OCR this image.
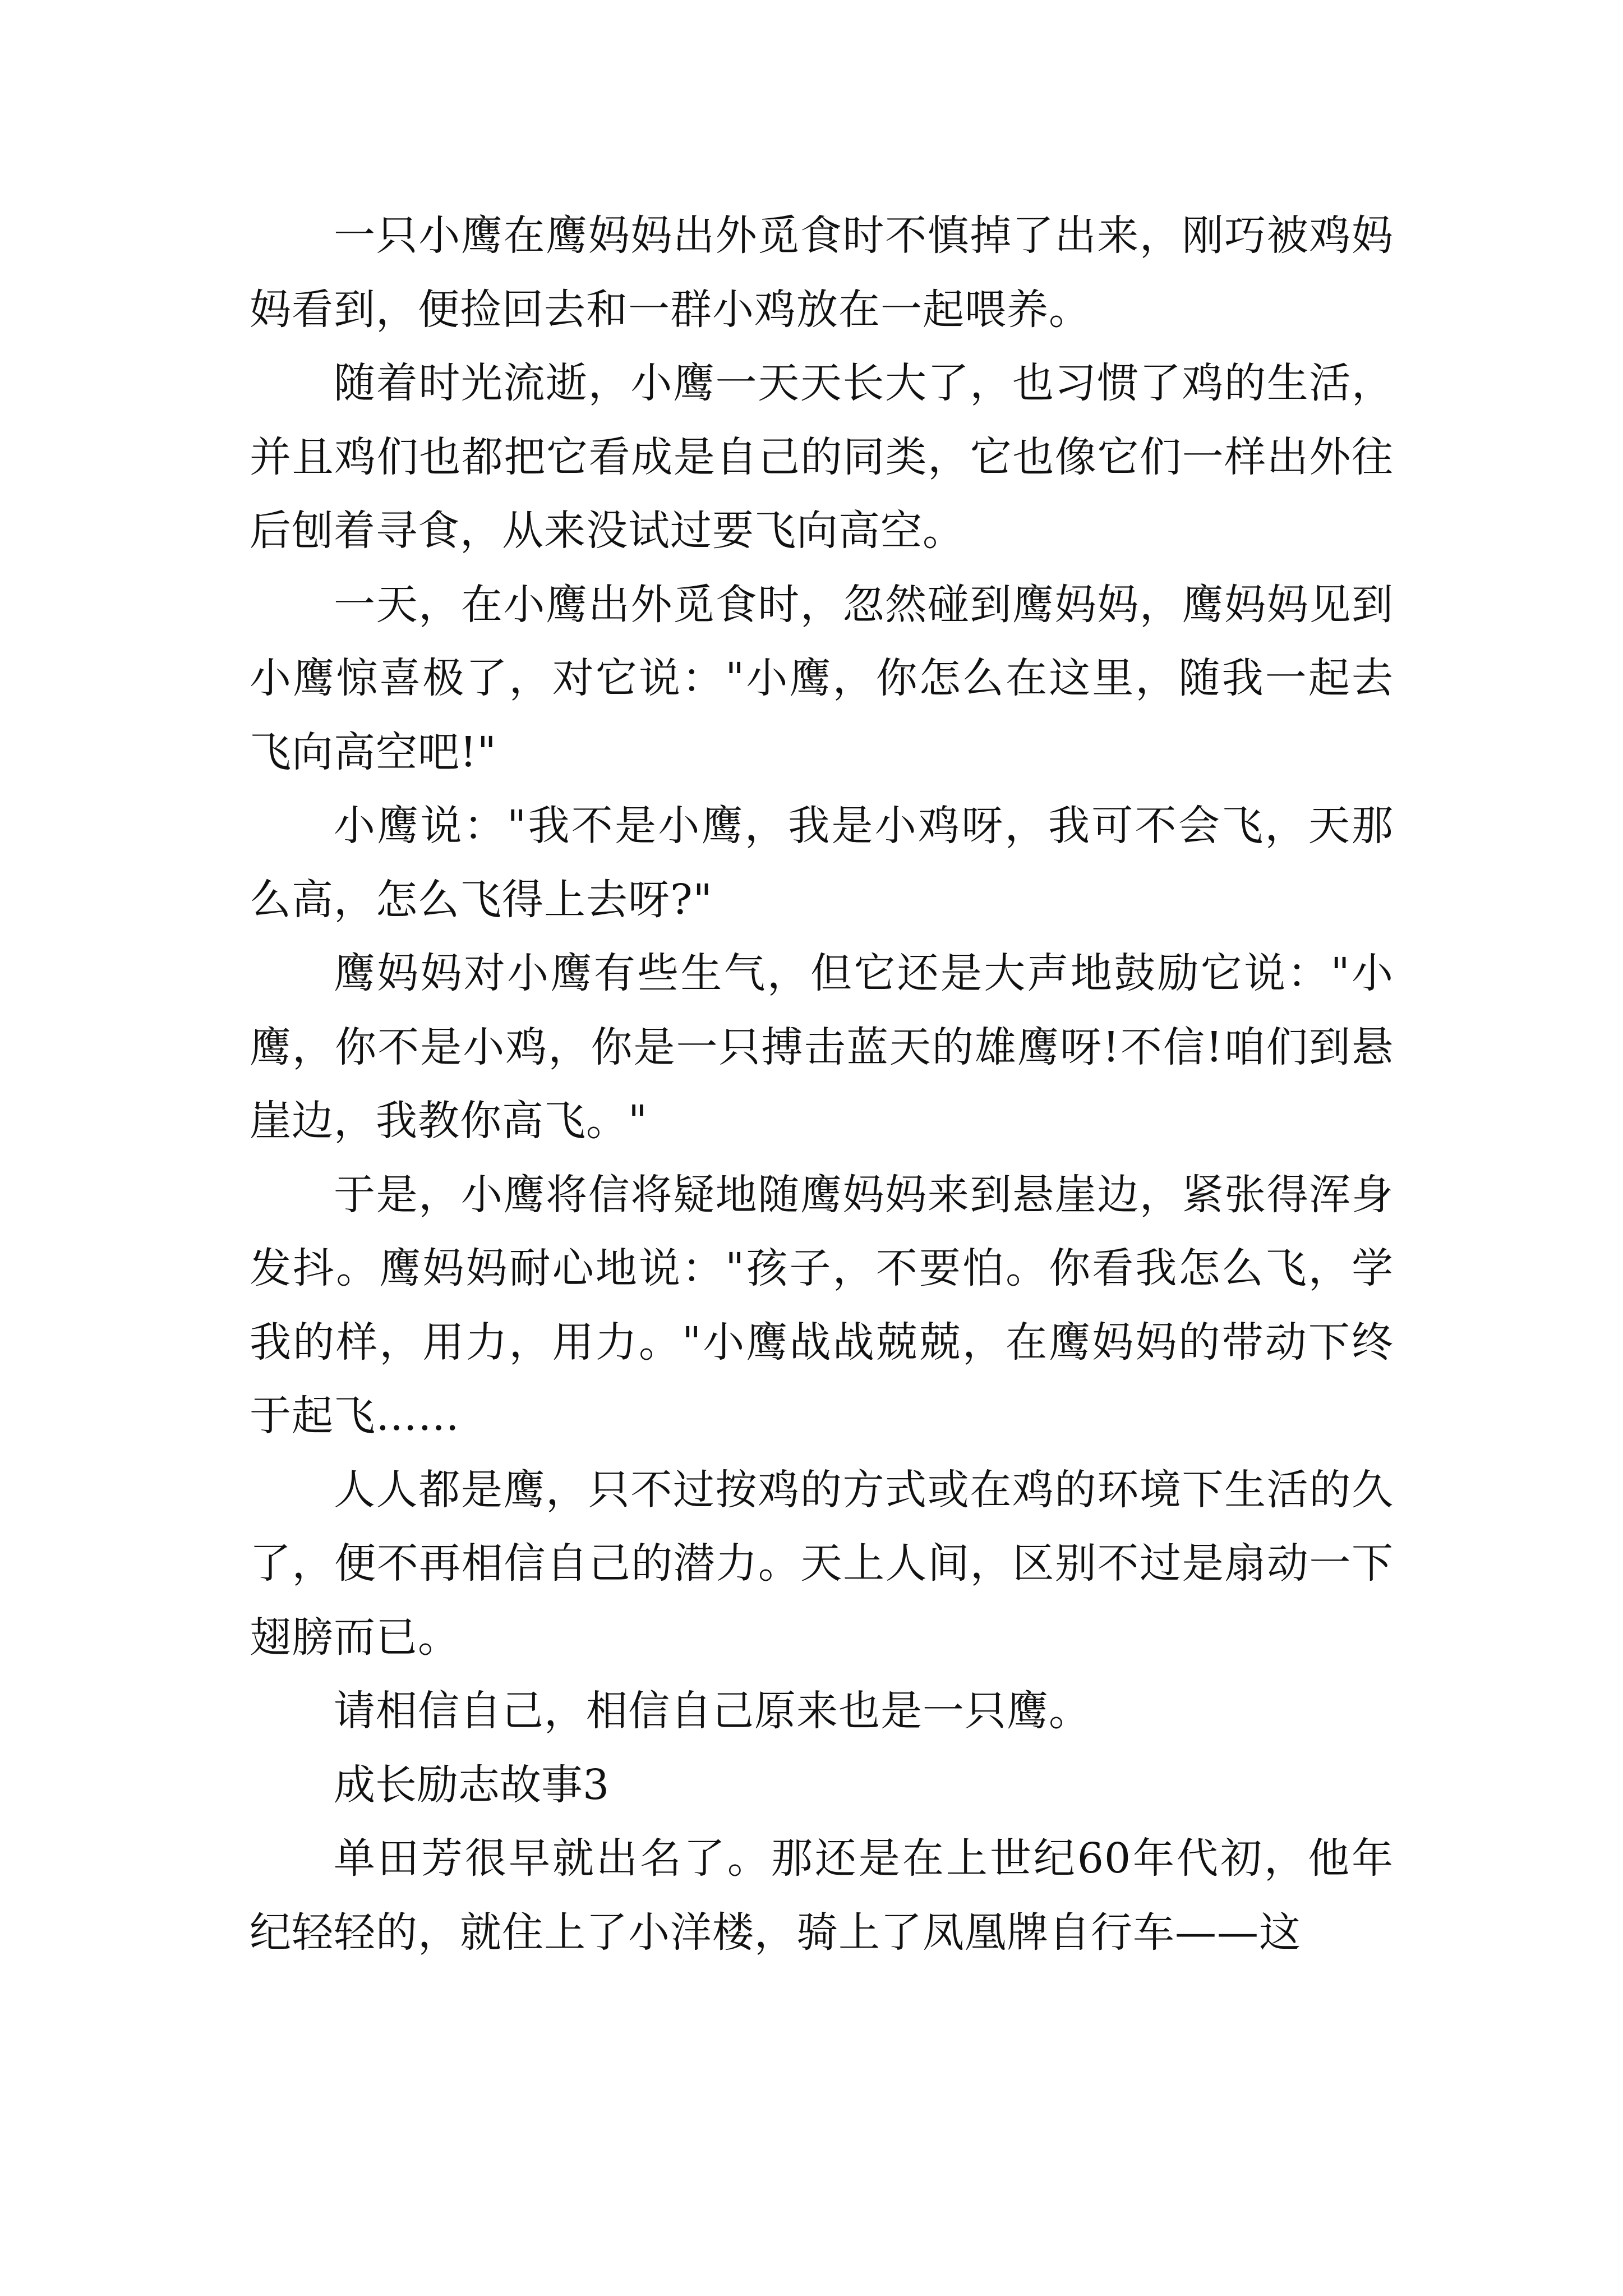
一只小鹰在鹰妈妈出外觅食时不慎掉了出来，刚巧被鸡妈妈看到，便捡回去和一群小鸡放在一起喂养。

随着时光流逝，小鹰一天天长大了，也习惯了鸡的生活，并且鸡们也都把它看成是自己的同类，它也像它们一样出外往后刨着寻食，从来没试过要飞向高空。

一天，在小鹰出外觅食时，忽然碰到鹰妈妈，鹰妈妈见到小鹰惊喜极了，对它说："小鹰，你怎么在这里，随我一起去飞向高空吧!"

小鹰说："我不是小鹰，我是小鸡呀，我可不会飞，天那么高，怎么飞得上去呀?"

鹰妈妈对小鹰有些生气，但它还是大声地鼓励它说："小鹰，你不是小鸡，你是一只搏击蓝天的雄鹰呀!不信!咱们到悬崖边，我教你高飞。"

于是，小鹰将信将疑地随鹰妈妈来到悬崖边，紧张得浑身发抖。鹰妈妈耐心地说："孩子，不要怕。你看我怎么飞，学我的样，用力，用力。"小鹰战战兢兢，在鹰妈妈的带动下终于起飞……

人人都是鹰，只不过按鸡的方式或在鸡的环境下生活的久了，便不再相信自己的潜力。天上人间，区别不过是扇动一下翅膀而已。

请相信自己，相信自己原来也是一只鹰。

成长励志故事3

单田芳很早就出名了。那还是在上世纪60年代初，他年纪轻轻的，就住上了小洋楼，骑上了凤凰牌自行车——这
